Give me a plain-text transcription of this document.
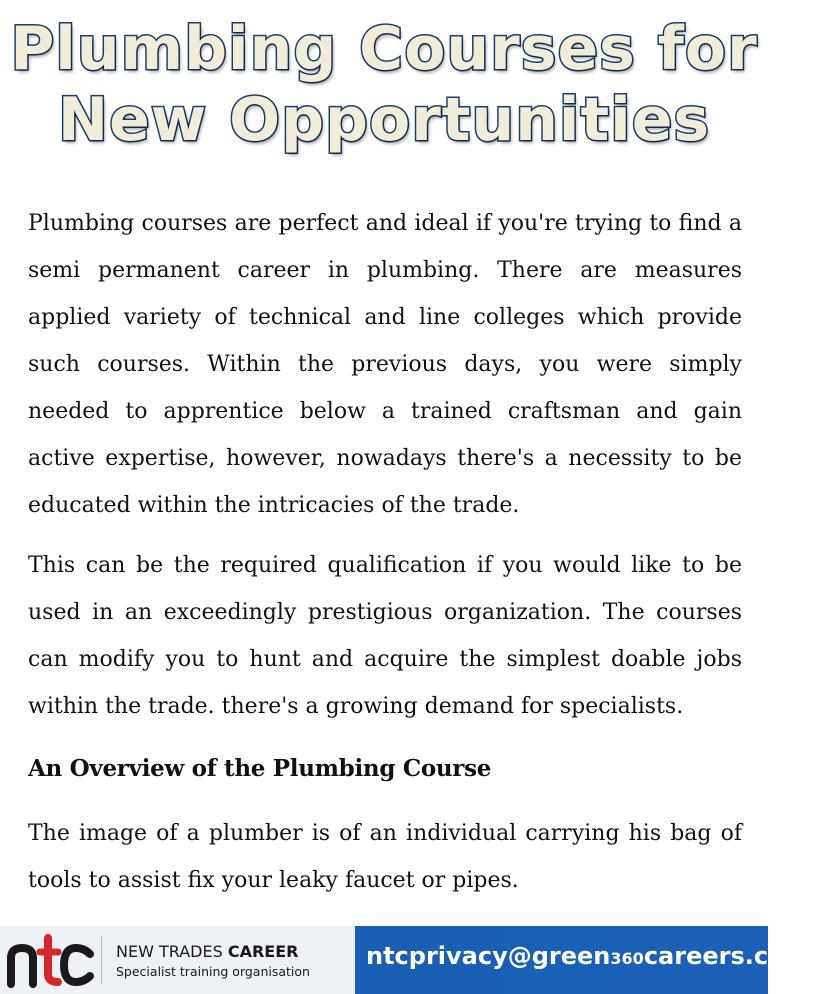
Plumbing Courses for
New Opportunities

Plumbing courses are perfect and ideal if you're trying to find a semi permanent career in plumbing. There are measures applied variety of technical and line colleges which provide such courses. Within the previous days, you were simply needed to apprentice below a trained craftsman and gain active expertise, however, nowadays there's a necessity to be educated within the intricacies of the trade.

This can be the required qualification if you would like to be used in an exceedingly prestigious organization. The courses can modify you to hunt and acquire the simplest doable jobs within the trade. there's a growing demand for specialists.

An Overview of the Plumbing Course

The image of a plumber is of an individual carrying his bag of tools to assist fix your leaky faucet or pipes.

NEW TRADES CAREER
Specialist training organisation
ntcprivacy@green360careers.co.uk
